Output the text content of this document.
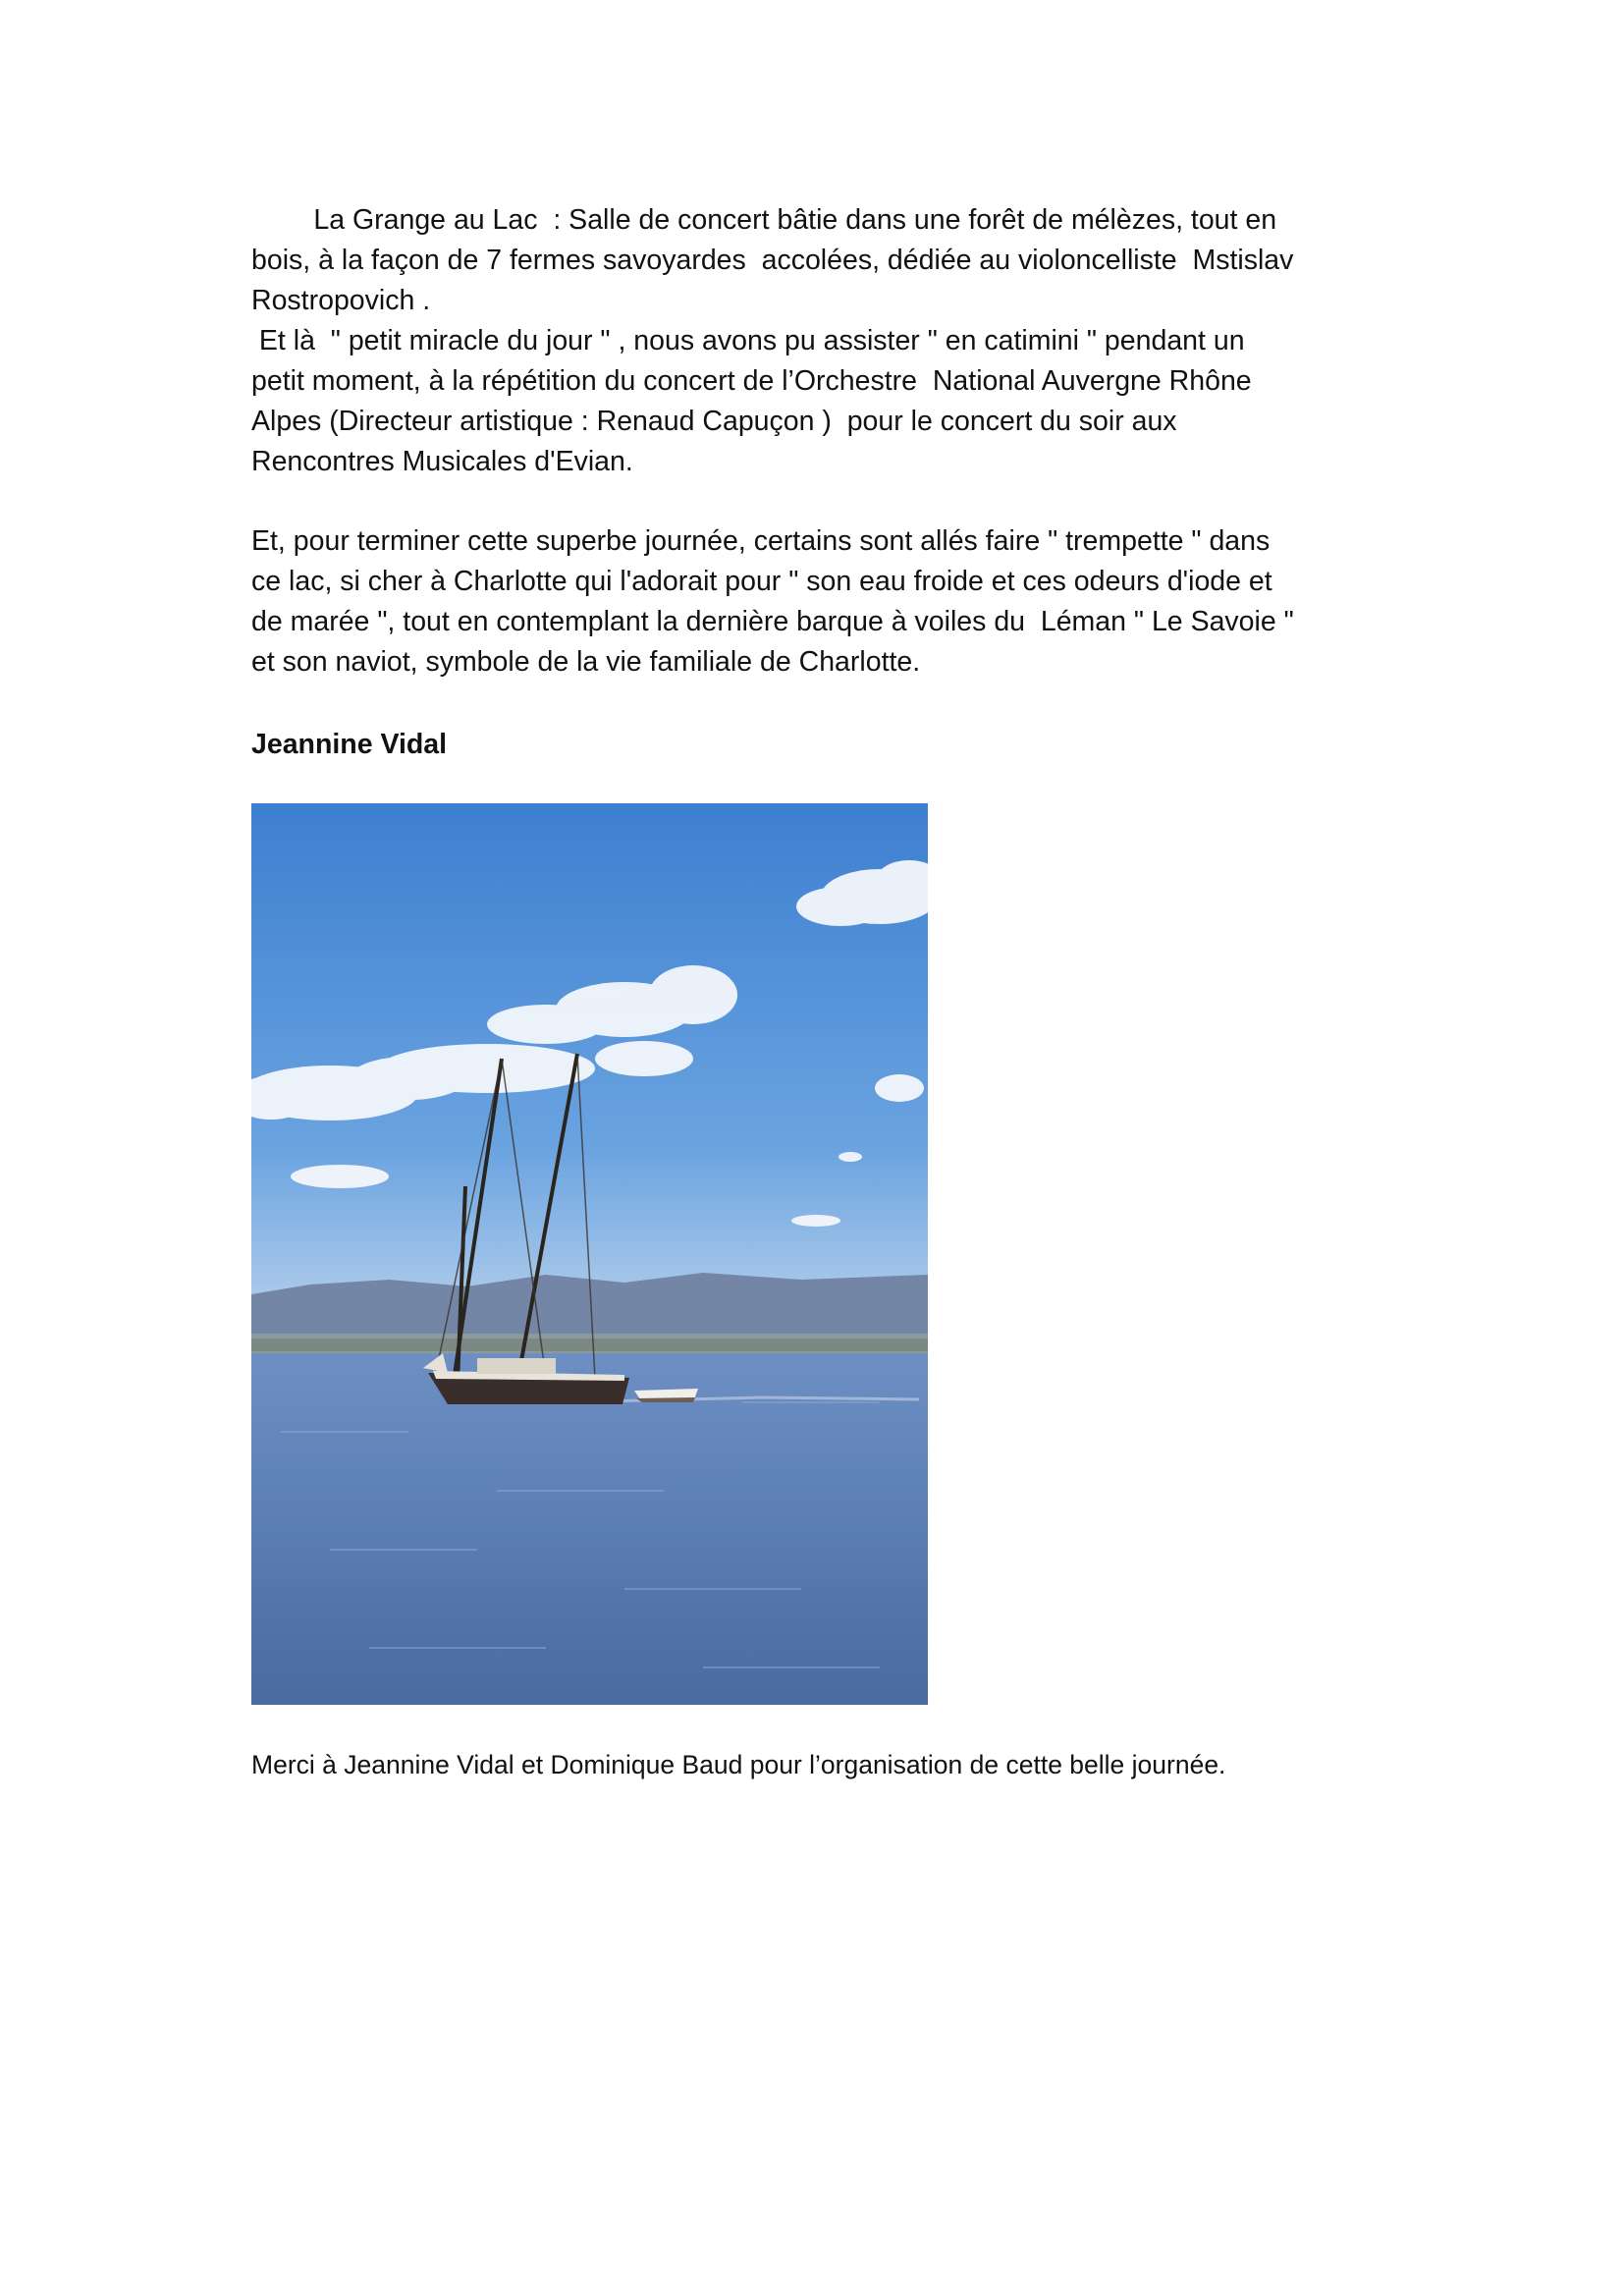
La Grange au Lac  : Salle de concert bâtie dans une forêt de mélèzes, tout en
bois, à la façon de 7 fermes savoyardes  accolées, dédiée au violoncelliste  Mstislav
Rostropovich .
Et là  " petit miracle du jour " , nous avons pu assister " en catimini " pendant un
petit moment, à la répétition du concert de l’Orchestre  National Auvergne Rhône
Alpes (Directeur artistique : Renaud Capuçon )  pour le concert du soir aux
Rencontres Musicales d'Evian.
Et, pour terminer cette superbe journée, certains sont allés faire " trempette " dans
ce lac, si cher à Charlotte qui l'adorait pour " son eau froide et ces odeurs d'iode et
de marée ", tout en contemplant la dernière barque à voiles du  Léman " Le Savoie "
et son naviot, symbole de la vie familiale de Charlotte.
Jeannine Vidal
Merci à Jeannine Vidal et Dominique Baud pour l’organisation de cette belle journée.
